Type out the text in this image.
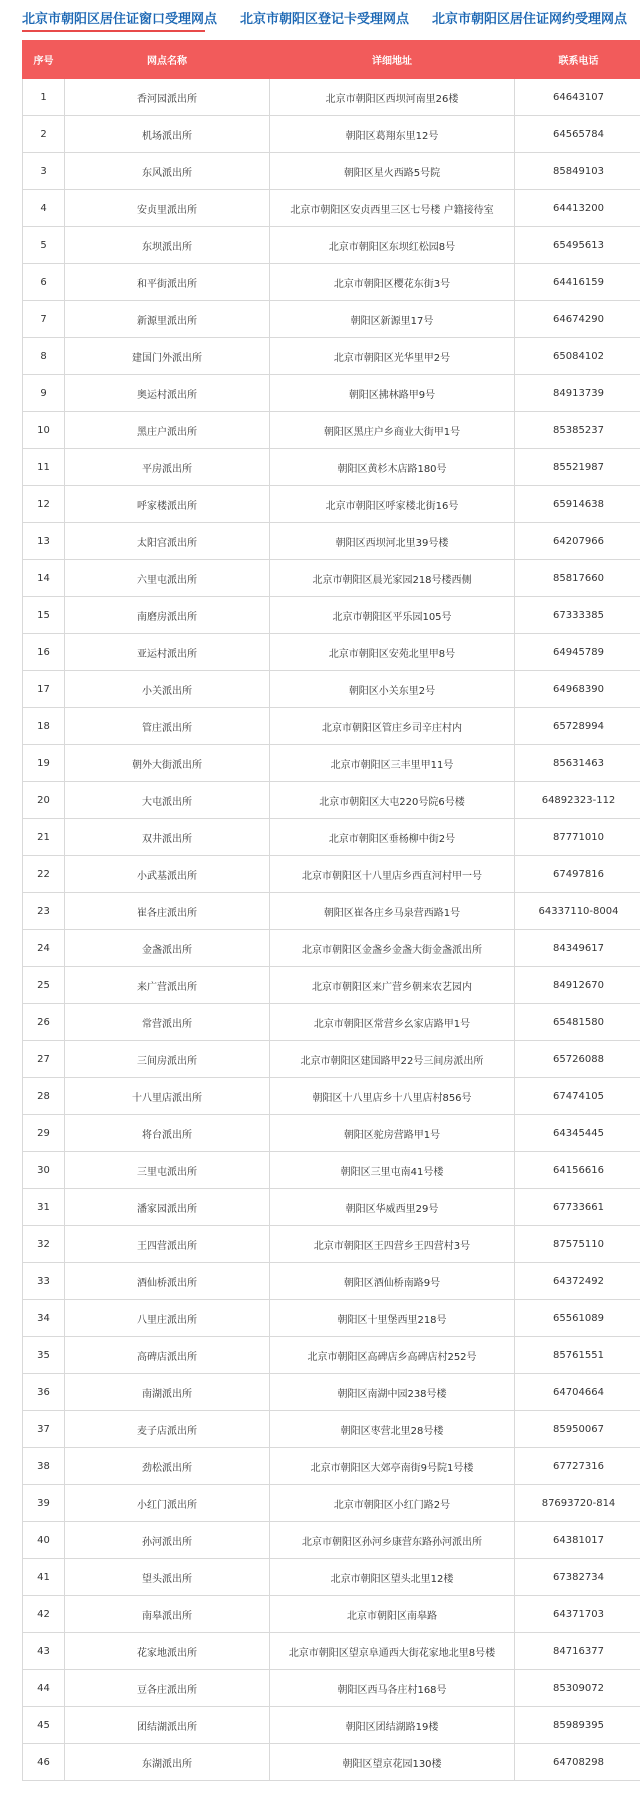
北京市朝阳区居住证窗口受理网点 北京市朝阳区登记卡受理网点 北京市朝阳区居住证网约受理网点
序号	网点名称	详细地址	联系电话
1	香河园派出所	北京市朝阳区西坝河南里26楼	64643107
2	机场派出所	朝阳区葛翔东里12号	64565784
3	东风派出所	朝阳区星火西路5号院	85849103
4	安贞里派出所	北京市朝阳区安贞西里三区七号楼 户籍接待室	64413200
5	东坝派出所	北京市朝阳区东坝红松园8号	65495613
6	和平街派出所	北京市朝阳区樱花东街3号	64416159
7	新源里派出所	朝阳区新源里17号	64674290
8	建国门外派出所	北京市朝阳区光华里甲2号	65084102
9	奥运村派出所	朝阳区拂林路甲9号	84913739
10	黑庄户派出所	朝阳区黑庄户乡商业大街甲1号	85385237
11	平房派出所	朝阳区黄杉木店路180号	85521987
12	呼家楼派出所	北京市朝阳区呼家楼北街16号	65914638
13	太阳宫派出所	朝阳区西坝河北里39号楼	64207966
14	六里屯派出所	北京市朝阳区晨光家园218号楼西侧	85817660
15	南磨房派出所	北京市朝阳区平乐园105号	67333385
16	亚运村派出所	北京市朝阳区安苑北里甲8号	64945789
17	小关派出所	朝阳区小关东里2号	64968390
18	管庄派出所	北京市朝阳区管庄乡司辛庄村内	65728994
19	朝外大街派出所	北京市朝阳区三丰里甲11号	85631463
20	大屯派出所	北京市朝阳区大屯220号院6号楼	64892323-112
21	双井派出所	北京市朝阳区垂杨柳中街2号	87771010
22	小武基派出所	北京市朝阳区十八里店乡西直河村甲一号	67497816
23	崔各庄派出所	朝阳区崔各庄乡马泉营西路1号	64337110-8004
24	金盏派出所	北京市朝阳区金盏乡金盏大街金盏派出所	84349617
25	来广营派出所	北京市朝阳区来广营乡朝来农艺园内	84912670
26	常营派出所	北京市朝阳区常营乡幺家店路甲1号	65481580
27	三间房派出所	北京市朝阳区建国路甲22号三间房派出所	65726088
28	十八里店派出所	朝阳区十八里店乡十八里店村856号	67474105
29	将台派出所	朝阳区驼房营路甲1号	64345445
30	三里屯派出所	朝阳区三里屯南41号楼	64156616
31	潘家园派出所	朝阳区华威西里29号	67733661
32	王四营派出所	北京市朝阳区王四营乡王四营村3号	87575110
33	酒仙桥派出所	朝阳区酒仙桥南路9号	64372492
34	八里庄派出所	朝阳区十里堡西里218号	65561089
35	高碑店派出所	北京市朝阳区高碑店乡高碑店村252号	85761551
36	南湖派出所	朝阳区南湖中园238号楼	64704664
37	麦子店派出所	朝阳区枣营北里28号楼	85950067
38	劲松派出所	北京市朝阳区大郊亭南街9号院1号楼	67727316
39	小红门派出所	北京市朝阳区小红门路2号	87693720-814
40	孙河派出所	北京市朝阳区孙河乡康营东路孙河派出所	64381017
41	望头派出所	北京市朝阳区望头北里12楼	67382734
42	南皋派出所	北京市朝阳区南皋路	64371703
43	花家地派出所	北京市朝阳区望京阜通西大街花家地北里8号楼	84716377
44	豆各庄派出所	朝阳区西马各庄村168号	85309072
45	团结湖派出所	朝阳区团结湖路19楼	85989395
46	东湖派出所	朝阳区望京花园130楼	64708298
